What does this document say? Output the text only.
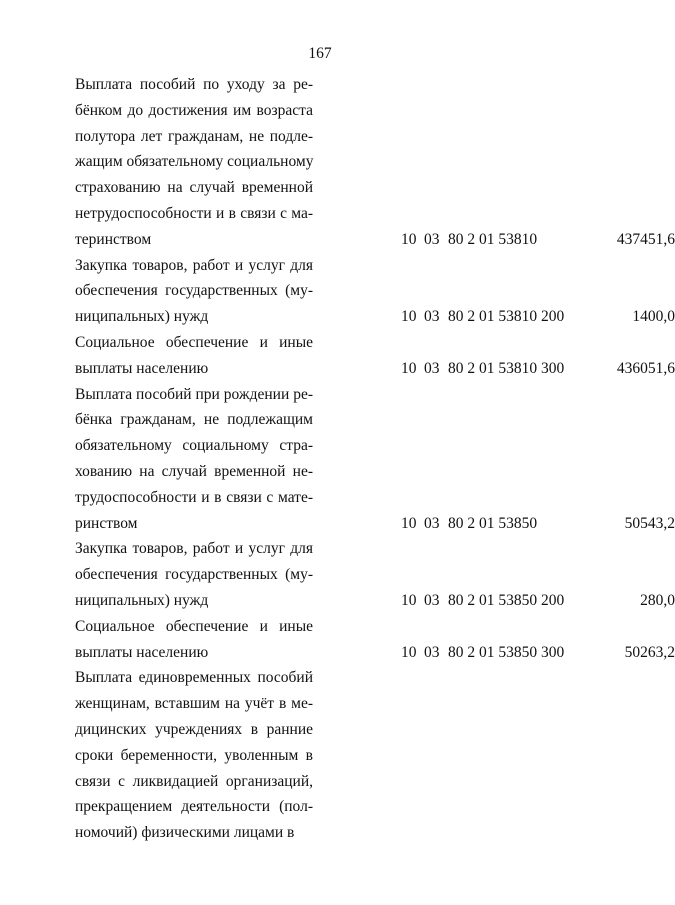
167
Выплата пособий по уходу за ре-
бёнком до достижения им возраста
полутора лет гражданам, не подле-
жащим обязательному социальному
страхованию на случай временной
нетрудоспособности и в связи с ма-
теринством	10 03 80 2 01 53810	437451,6
Закупка товаров, работ и услуг для
обеспечения государственных (му-
ниципальных) нужд	10 03 80 2 01 53810 200	1400,0
Социальное обеспечение и иные
выплаты населению	10 03 80 2 01 53810 300	436051,6
Выплата пособий при рождении ре-
бёнка гражданам, не подлежащим
обязательному социальному стра-
хованию на случай временной не-
трудоспособности и в связи с мате-
ринством	10 03 80 2 01 53850	50543,2
Закупка товаров, работ и услуг для
обеспечения государственных (му-
ниципальных) нужд	10 03 80 2 01 53850 200	280,0
Социальное обеспечение и иные
выплаты населению	10 03 80 2 01 53850 300	50263,2
Выплата единовременных пособий
женщинам, вставшим на учёт в ме-
дицинских учреждениях в ранние
сроки беременности, уволенным в
связи с ликвидацией организаций,
прекращением деятельности (пол-
номочий) физическими лицами в
